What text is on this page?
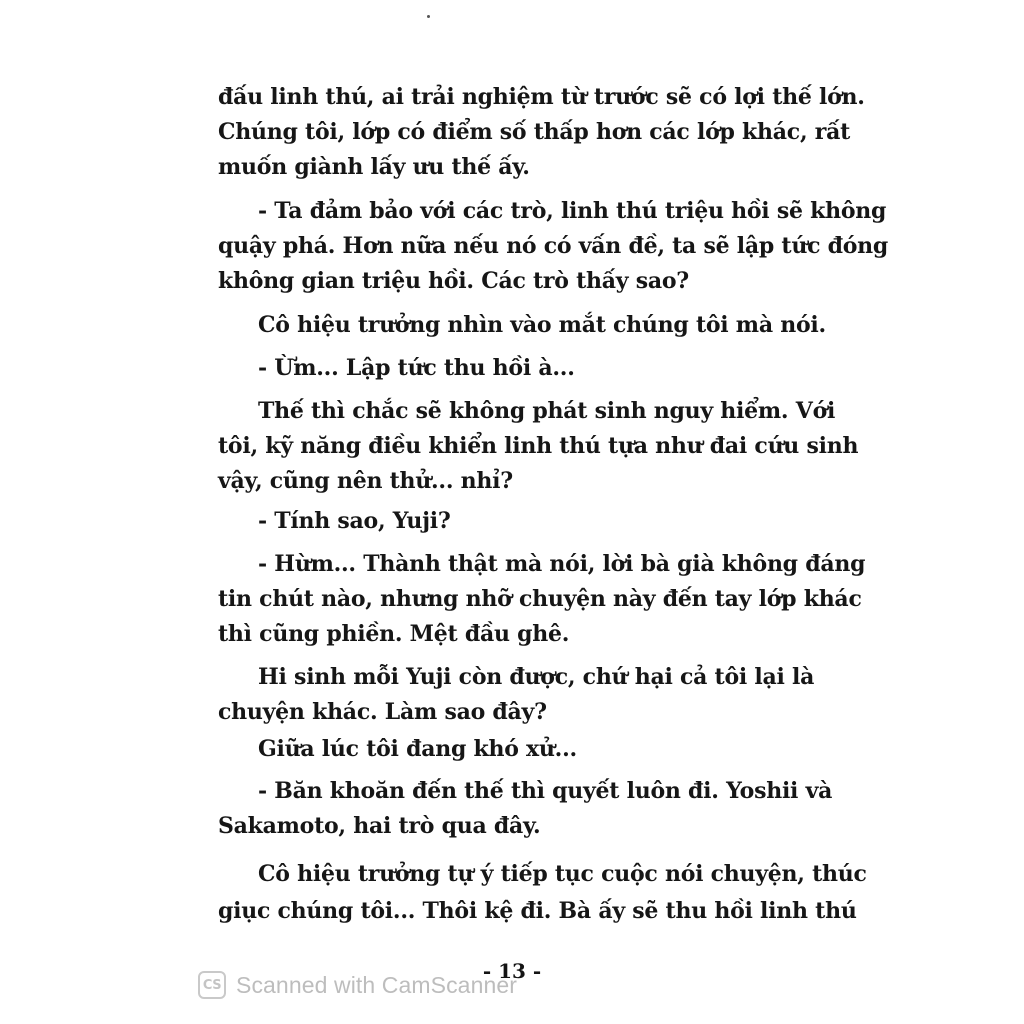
đấu linh thú, ai trải nghiệm từ trước sẽ có lợi thế lớn.
Chúng tôi, lớp có điểm số thấp hơn các lớp khác, rất
muốn giành lấy ưu thế ấy.
- Ta đảm bảo với các trò, linh thú triệu hồi sẽ không
quậy phá. Hơn nữa nếu nó có vấn đề, ta sẽ lập tức đóng
không gian triệu hồi. Các trò thấy sao?
Cô hiệu trưởng nhìn vào mắt chúng tôi mà nói.
- Ừm... Lập tức thu hồi à...
Thế thì chắc sẽ không phát sinh nguy hiểm. Với
tôi, kỹ năng điều khiển linh thú tựa như đai cứu sinh
vậy, cũng nên thử... nhỉ?
- Tính sao, Yuji?
- Hừm... Thành thật mà nói, lời bà già không đáng
tin chút nào, nhưng nhỡ chuyện này đến tay lớp khác
thì cũng phiền. Mệt đầu ghê.
Hi sinh mỗi Yuji còn được, chứ hại cả tôi lại là
chuyện khác. Làm sao đây?
Giữa lúc tôi đang khó xử...
- Băn khoăn đến thế thì quyết luôn đi. Yoshii và
Sakamoto, hai trò qua đây.
Cô hiệu trưởng tự ý tiếp tục cuộc nói chuyện, thúc
giục chúng tôi... Thôi kệ đi. Bà ấy sẽ thu hồi linh thú
- 13 -
CS Scanned with CamScanner
